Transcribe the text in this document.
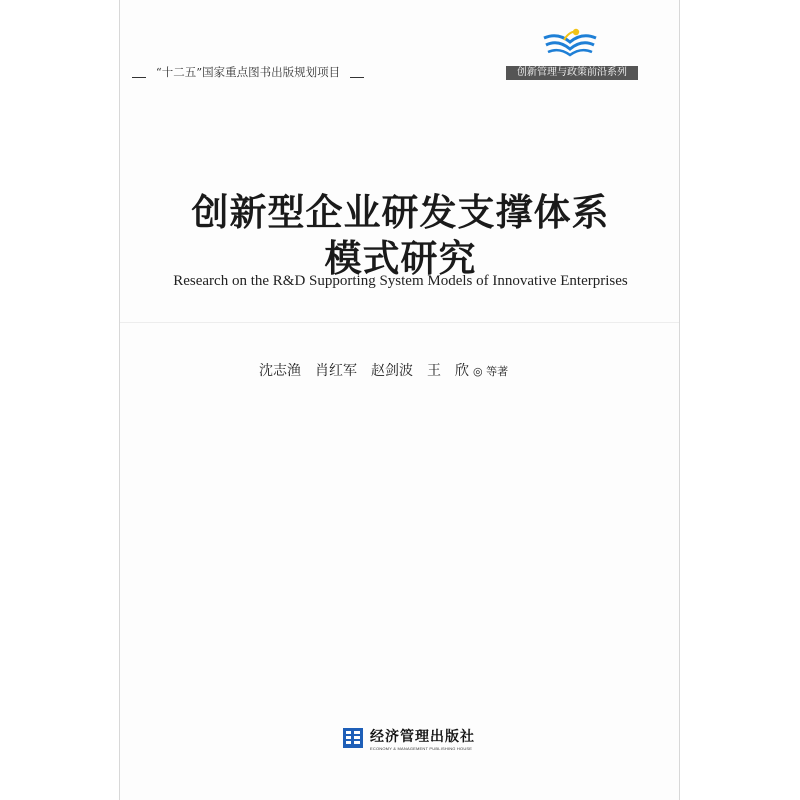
“十二五”国家重点图书出版规划项目	创新管理与政策前沿系列
创新型企业研发支撑体系
模式研究
Research on the R&D Supporting System Models of Innovative Enterprises
沈志渔 肖红军 赵剑波 王　欣 ◎ 等著
经济管理出版社
ECONOMY & MANAGEMENT PUBLISHING HOUSE
